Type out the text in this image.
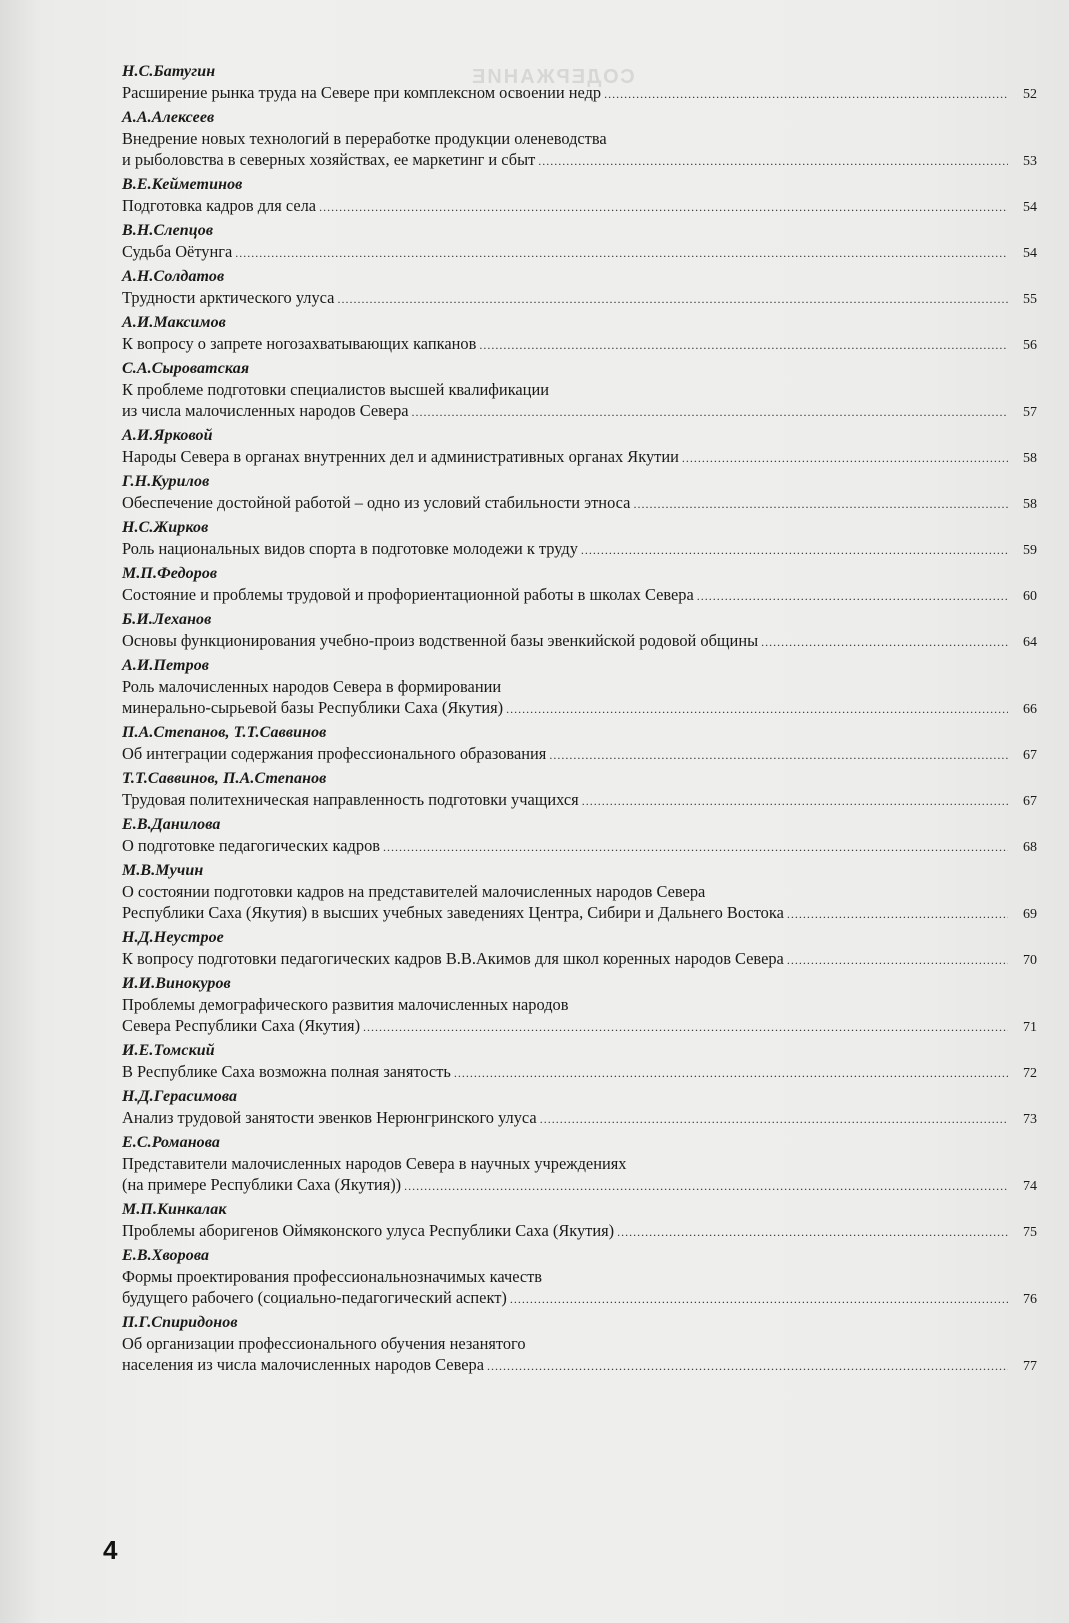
СОДЕРЖАНИЕ
Н.С.Батугин
Расширение рынка труда на Севере при комплексном освоении недр .....	52
А.А.Алексеев
Внедрение новых технологий в переработке продукции оленеводства
и рыболовства в северных хозяйствах, ее маркетинг и сбыт .....	53
В.Е.Кейметинов
Подготовка кадров для села .....	54
В.Н.Слепцов
Судьба Оётунга .....	54
А.Н.Солдатов
Трудности арктического улуса .....	55
А.И.Максимов
К вопросу о запрете ногозахватывающих капканов .....	56
С.А.Сыроватская
К проблеме подготовки специалистов высшей квалификации
из числа малочисленных народов Севера .....	57
А.И.Ярковой
Народы Севера в органах внутренних дел и административных органах Якутии .....	58
Г.Н.Курилов
Обеспечение достойной работой – одно из условий стабильности этноса .....	58
Н.С.Жирков
Роль национальных видов спорта в подготовке молодежи к труду .....	59
М.П.Федоров
Состояние и проблемы трудовой и профориентационной работы в школах Севера .....	60
Б.И.Леханов
Основы функционирования учебно-произ водственной базы эвенкийской родовой общины .....	64
А.И.Петров
Роль малочисленных народов Севера в формировании
минерально-сырьевой базы Республики Саха (Якутия) .....	66
П.А.Степанов, Т.Т.Саввинов
Об интеграции содержания профессионального образования .....	67
Т.Т.Саввинов, П.А.Степанов
Трудовая политехническая направленность подготовки учащихся .....	67
Е.В.Данилова
О подготовке педагогических кадров .....	68
М.В.Мучин
О состоянии подготовки кадров на представителей малочисленных народов Севера
Республики Саха (Якутия) в высших учебных заведениях Центра, Сибири и Дальнего Востока .....	69
Н.Д.Неустрое
К вопросу подготовки педагогических кадров В.В.Акимов для школ коренных народов Севера .....	70
И.И.Винокуров
Проблемы демографического развития малочисленных народов
Севера Республики Саха (Якутия) .....	71
И.Е.Томский
В Республике Саха возможна полная занятость .....	72
Н.Д.Герасимова
Анализ трудовой занятости эвенков Нерюнгринского улуса .....	73
Е.С.Романова
Представители малочисленных народов Севера в научных учреждениях
(на примере Республики Саха (Якутия)) .....	74
М.П.Кинкалак
Проблемы аборигенов Оймяконского улуса Республики Саха (Якутия) .....	75
Е.В.Хворова
Формы проектирования профессиональнозначимых качеств
будущего рабочего (социально-педагогический аспект) .....	76
П.Г.Спиридонов
Об организации профессионального обучения незанятого
населения из числа малочисленных народов Севера .....	77
4
